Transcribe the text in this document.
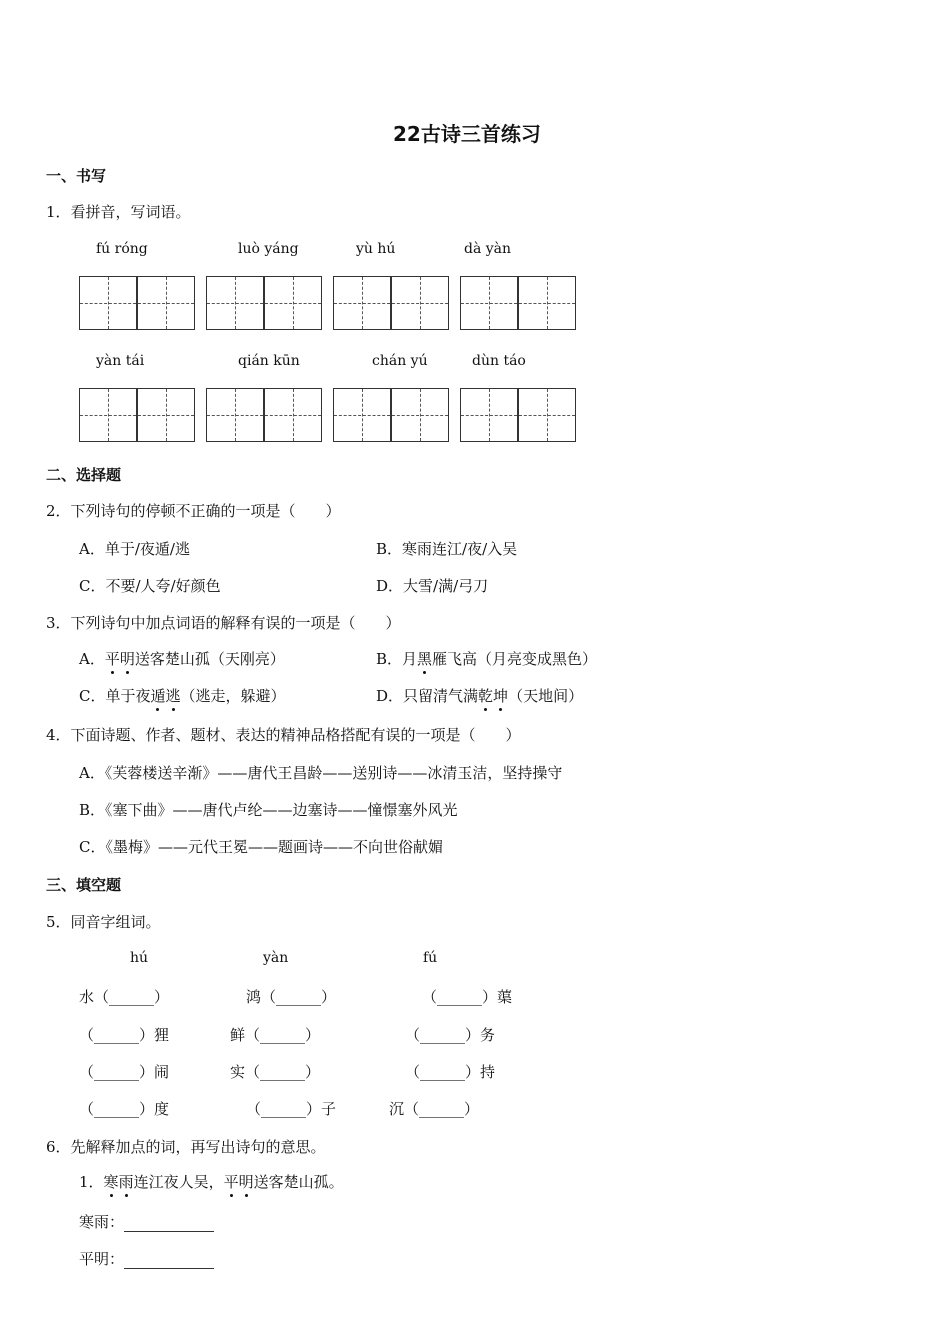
22古诗三首练习
一、书写
1．看拼音，写词语。
fú róng	luò yáng	yù hú	dà yàn
yàn tái	qián kūn	chán yú	dùn táo
二、选择题
2．下列诗句的停顿不正确的一项是（　　）
A．单于/夜遁/逃	B．寒雨连江/夜/入吴
C．不要/人夸/好颜色	D．大雪/满/弓刀
3．下列诗句中加点词语的解释有误的一项是（　　）
A．平明送客楚山孤（天刚亮）	B．月黑雁飞高（月亮变成黑色）
C．单于夜遁逃（逃走，躲避）	D．只留清气满乾坤（天地间）
4．下面诗题、作者、题材、表达的精神品格搭配有误的一项是（　　）
A．《芙蓉楼送辛渐》——唐代王昌龄——送别诗——冰清玉洁，坚持操守
B．《塞下曲》——唐代卢纶——边塞诗——憧憬塞外风光
C．《墨梅》——元代王冕——题画诗——不向世俗献媚
三、填空题
5．同音字组词。
hú	yàn	fú
水（______）	鸿（______）	（______）蕖
（______）狸	鲜（______）	（______）务
（______）闹	实（______）	（______）持
（______）度	（______）子	沉（______）
6．先解释加点的词，再写出诗句的意思。
1．寒雨连江夜人吴，平明送客楚山孤。
寒雨：
平明：
